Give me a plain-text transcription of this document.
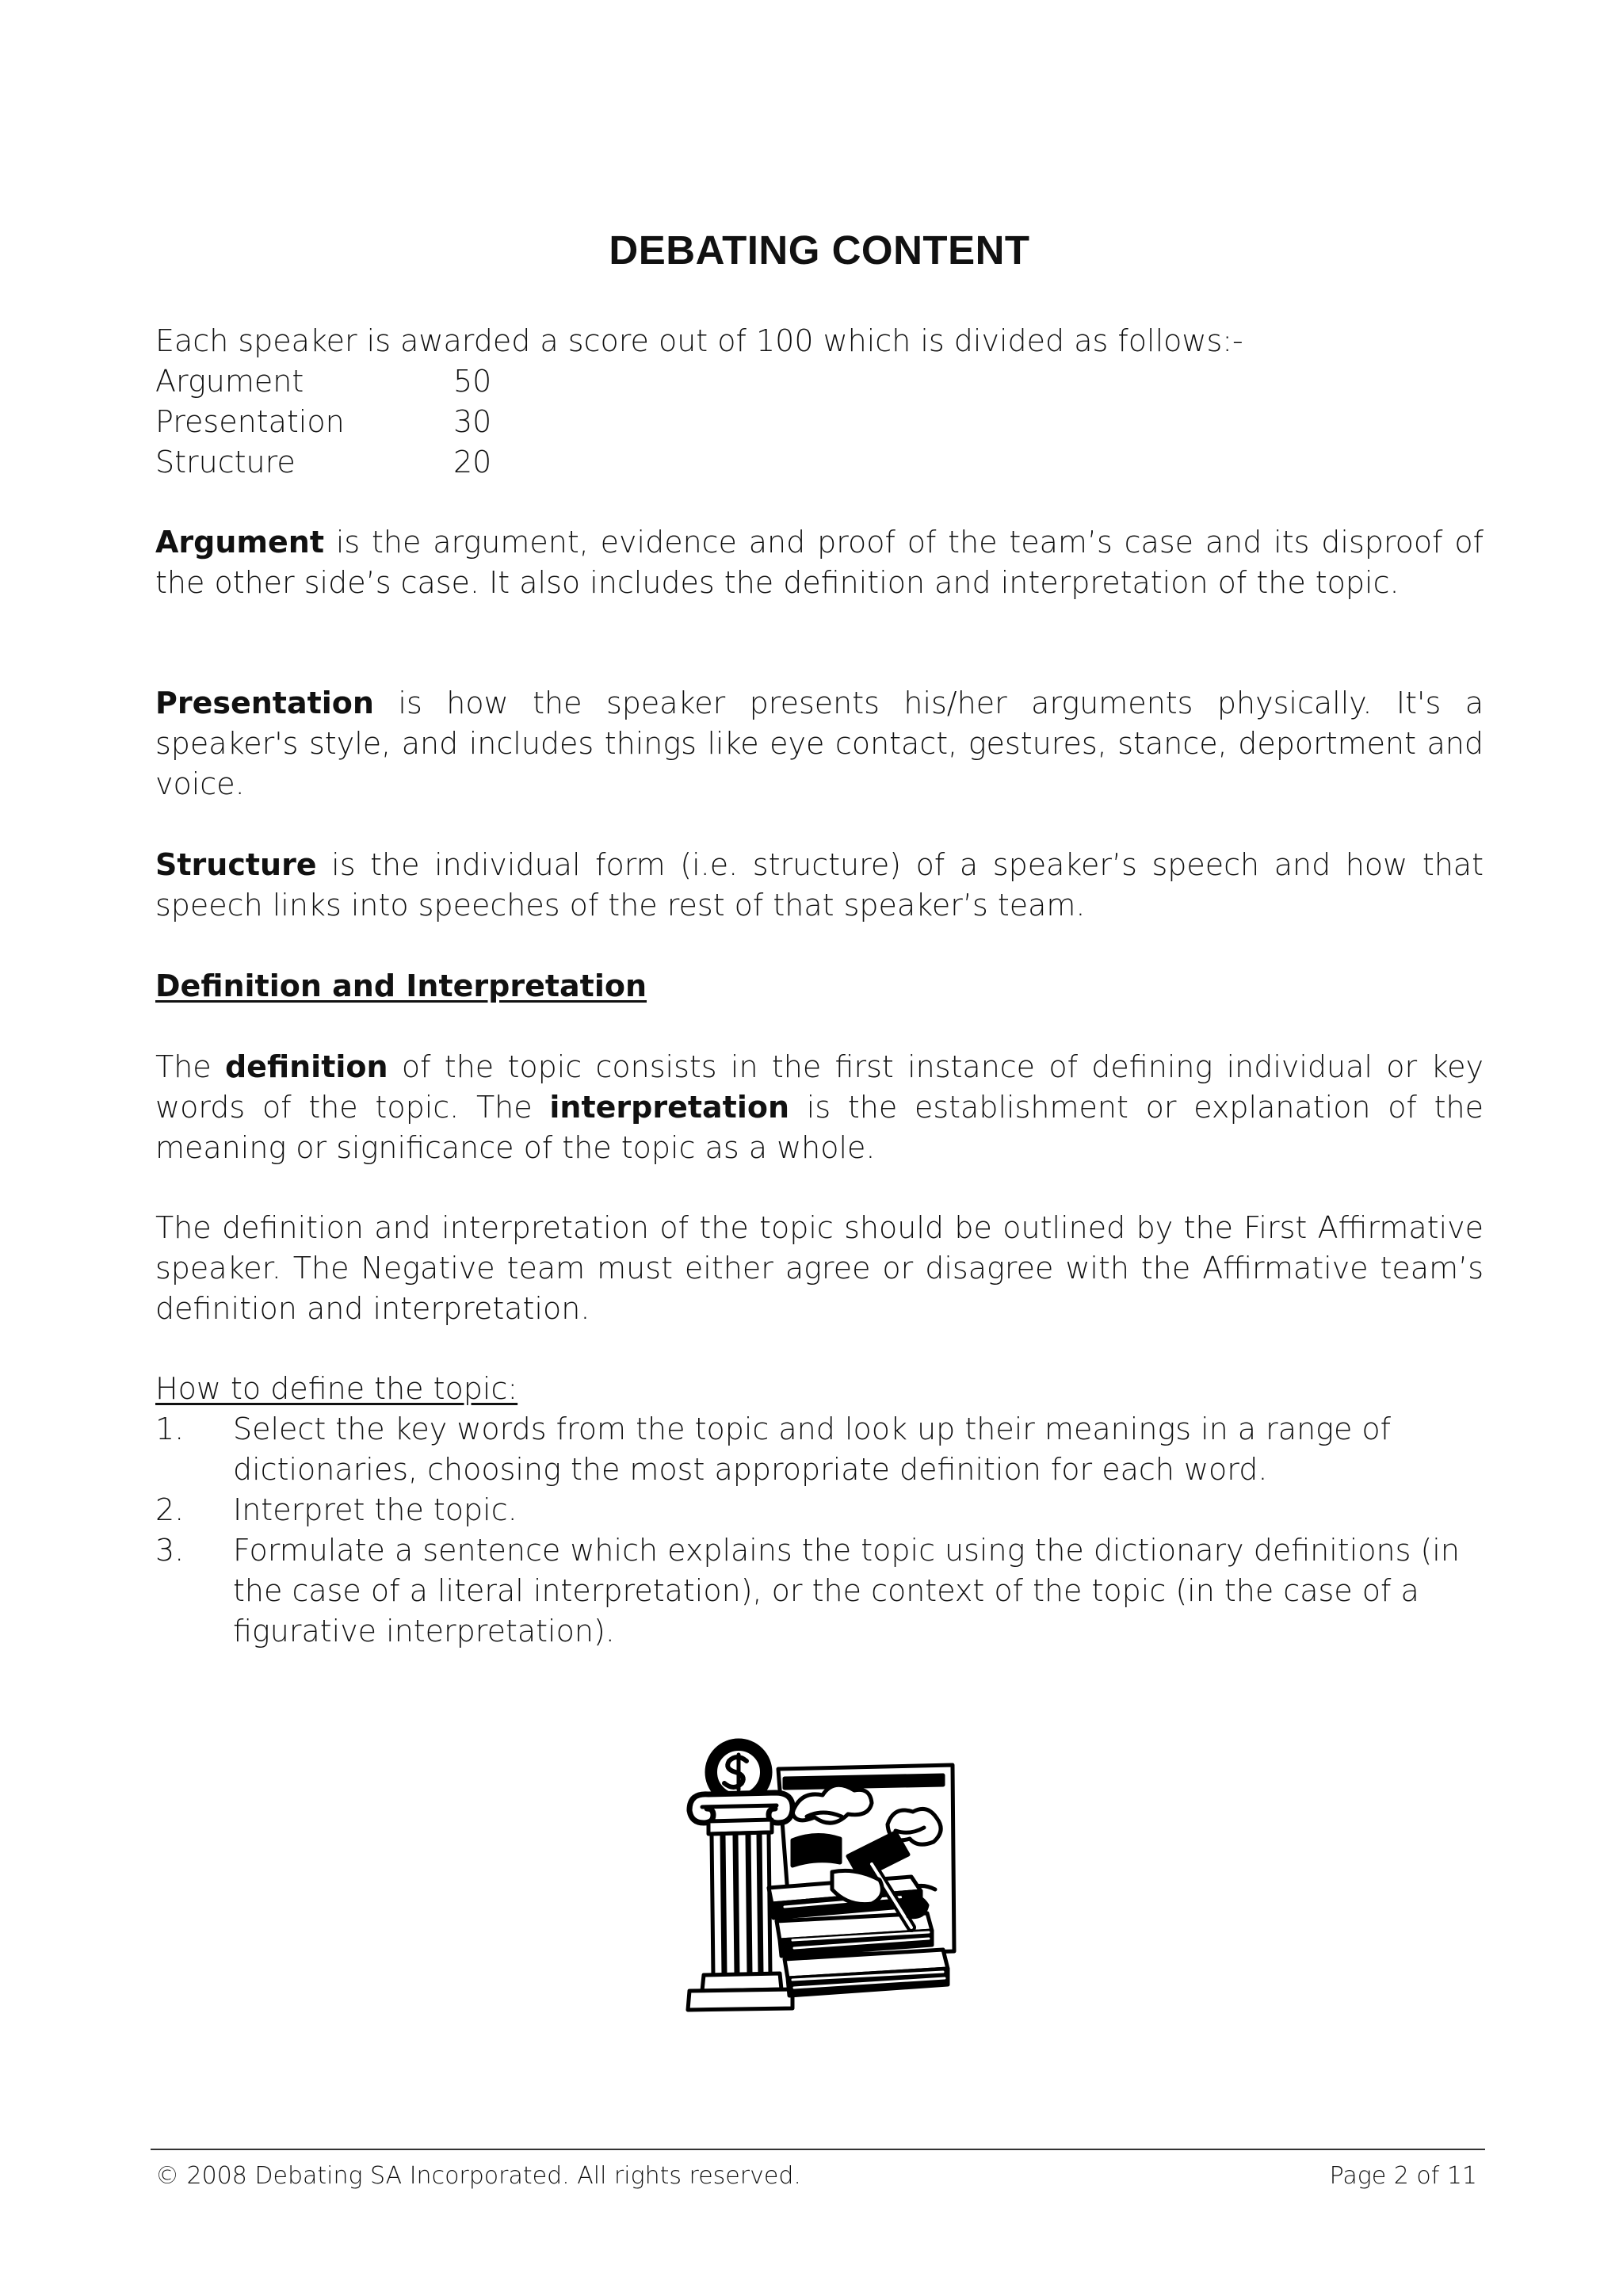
DEBATING CONTENT

Each speaker is awarded a score out of 100 which is divided as follows:-

Argument	50
Presentation	30
Structure	20

Argument is the argument, evidence and proof of the team’s case and its disproof of the other side’s case. It also includes the definition and interpretation of the topic.

Presentation is how the speaker presents his/her arguments physically. It's a speaker's style, and includes things like eye contact, gestures, stance, deportment and voice.

Structure is the individual form (i.e. structure) of a speaker’s speech and how that speech links into speeches of the rest of that speaker’s team.

Definition and Interpretation

The definition of the topic consists in the first instance of defining individual or key words of the topic. The interpretation is the establishment or explanation of the meaning or significance of the topic as a whole.

The definition and interpretation of the topic should be outlined by the First Affirmative speaker. The Negative team must either agree or disagree with the Affirmative team’s definition and interpretation.

How to define the topic:

1.	Select the key words from the topic and look up their meanings in a range of dictionaries, choosing the most appropriate definition for each word.
2.	Interpret the topic.
3.	Formulate a sentence which explains the topic using the dictionary definitions (in the case of a literal interpretation), or the context of the topic (in the case of a figurative interpretation).
© 2008 Debating SA Incorporated. All rights reserved.	Page 2 of 11
